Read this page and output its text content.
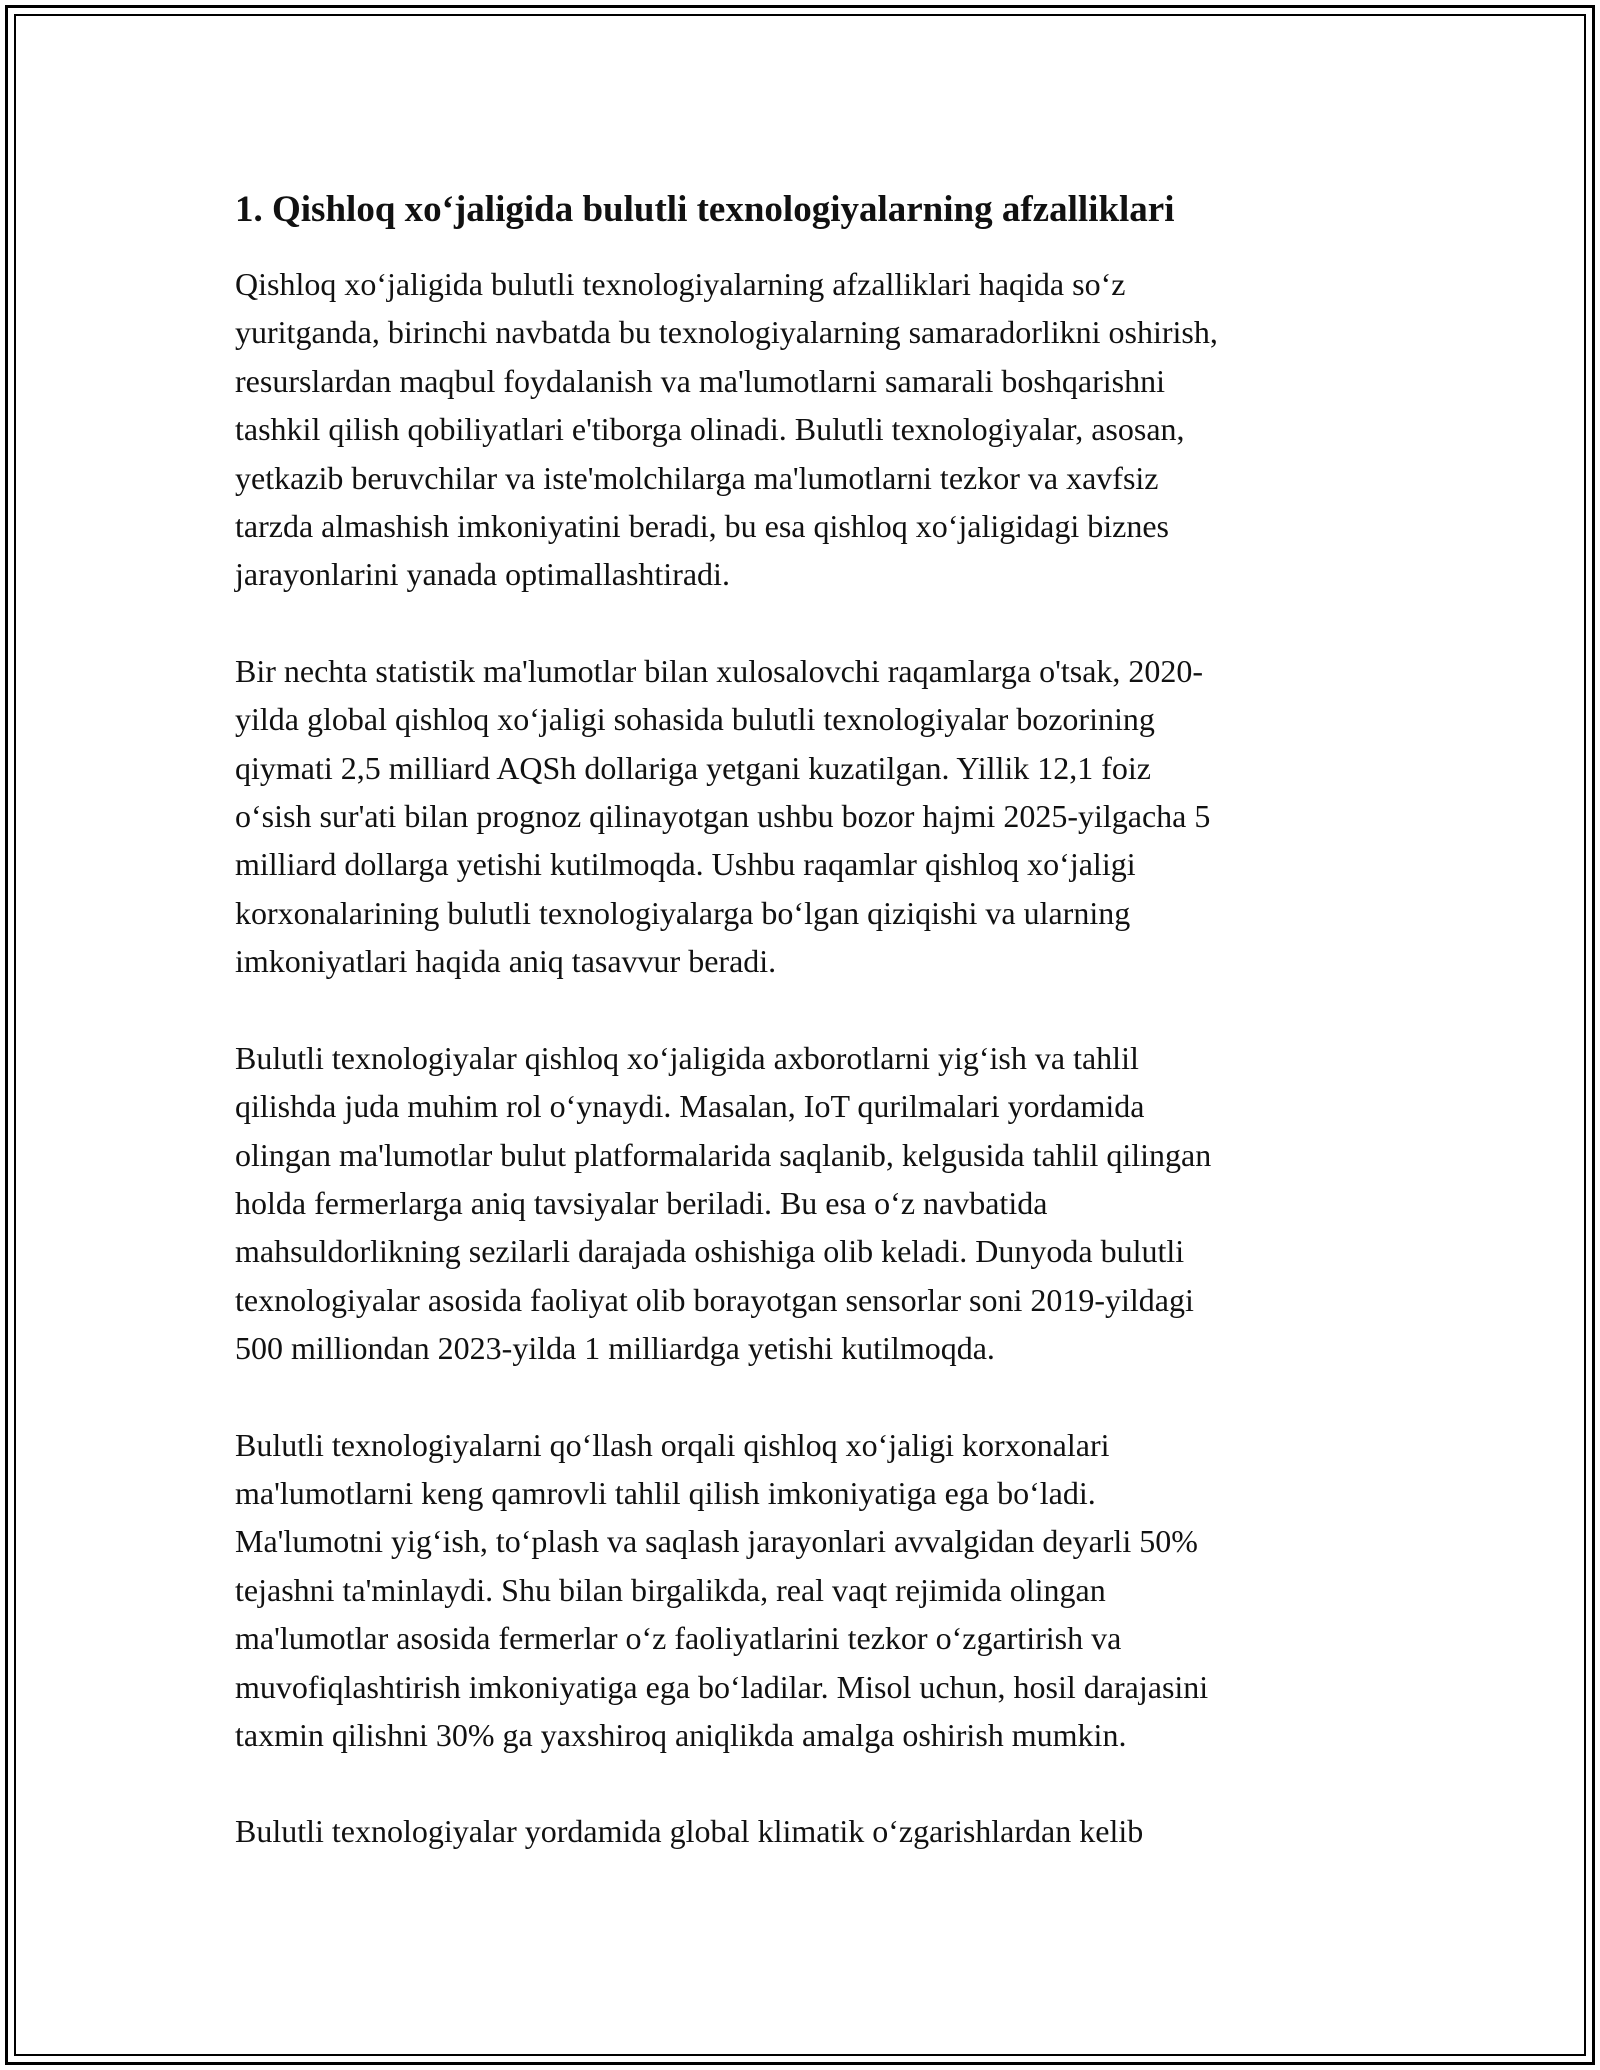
1. Qishloq xo‘jaligida bulutli texnologiyalarning afzalliklari

Qishloq xo‘jaligida bulutli texnologiyalarning afzalliklari haqida so‘z
yuritganda, birinchi navbatda bu texnologiyalarning samaradorlikni oshirish,
resurslardan maqbul foydalanish va ma'lumotlarni samarali boshqarishni
tashkil qilish qobiliyatlari e'tiborga olinadi. Bulutli texnologiyalar, asosan,
yetkazib beruvchilar va iste'molchilarga ma'lumotlarni tezkor va xavfsiz
tarzda almashish imkoniyatini beradi, bu esa qishloq xo‘jaligidagi biznes
jarayonlarini yanada optimallashtiradi.

Bir nechta statistik ma'lumotlar bilan xulosalovchi raqamlarga o'tsak, 2020-
yilda global qishloq xo‘jaligi sohasida bulutli texnologiyalar bozorining
qiymati 2,5 milliard AQSh dollariga yetgani kuzatilgan. Yillik 12,1 foiz
o‘sish sur'ati bilan prognoz qilinayotgan ushbu bozor hajmi 2025-yilgacha 5
milliard dollarga yetishi kutilmoqda. Ushbu raqamlar qishloq xo‘jaligi
korxonalarining bulutli texnologiyalarga bo‘lgan qiziqishi va ularning
imkoniyatlari haqida aniq tasavvur beradi.

Bulutli texnologiyalar qishloq xo‘jaligida axborotlarni yig‘ish va tahlil
qilishda juda muhim rol o‘ynaydi. Masalan, IoT qurilmalari yordamida
olingan ma'lumotlar bulut platformalarida saqlanib, kelgusida tahlil qilingan
holda fermerlarga aniq tavsiyalar beriladi. Bu esa o‘z navbatida
mahsuldorlikning sezilarli darajada oshishiga olib keladi. Dunyoda bulutli
texnologiyalar asosida faoliyat olib borayotgan sensorlar soni 2019-yildagi
500 milliondan 2023-yilda 1 milliardga yetishi kutilmoqda.

Bulutli texnologiyalarni qo‘llash orqali qishloq xo‘jaligi korxonalari
ma'lumotlarni keng qamrovli tahlil qilish imkoniyatiga ega bo‘ladi.
Ma'lumotni yig‘ish, to‘plash va saqlash jarayonlari avvalgidan deyarli 50%
tejashni ta'minlaydi. Shu bilan birgalikda, real vaqt rejimida olingan
ma'lumotlar asosida fermerlar o‘z faoliyatlarini tezkor o‘zgartirish va
muvofiqlashtirish imkoniyatiga ega bo‘ladilar. Misol uchun, hosil darajasini
taxmin qilishni 30% ga yaxshiroq aniqlikda amalga oshirish mumkin.

Bulutli texnologiyalar yordamida global klimatik o‘zgarishlardan kelib
